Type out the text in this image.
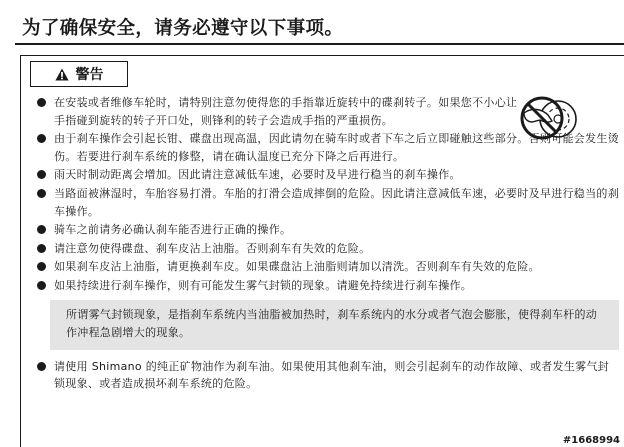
为了确保安全，请务必遵守以下事项。
警告
在安装或者维修车轮时，请特别注意勿使得您的手指靠近旋转中的碟刹转子。如果您不小心让手指碰到旋转的转子开口处，则锋利的转子会造成手指的严重损伤。
由于刹车操作会引起长钳、碟盘出现高温，因此请勿在骑车时或者下车之后立即碰触这些部分。否则可能会发生烫伤。若要进行刹车系统的修整，请在确认温度已充分下降之后再进行。
雨天时制动距离会增加。因此请注意减低车速，必要时及早进行稳当的刹车操作。
当路面被淋湿时，车胎容易打滑。车胎的打滑会造成摔倒的危险。因此请注意减低车速，必要时及早进行稳当的刹车操作。
骑车之前请务必确认刹车能否进行正确的操作。
请注意勿使得碟盘、刹车皮沾上油脂。否则刹车有失效的危险。
如果刹车皮沾上油脂，请更换刹车皮。如果碟盘沾上油脂则请加以清洗。否则刹车有失效的危险。
如果持续进行刹车操作，则有可能发生雾气封锁的现象。请避免持续进行刹车操作。
所谓雾气封锁现象，是指刹车系统内当油脂被加热时，刹车系统内的水分或者气泡会膨胀，使得刹车杆的动作冲程急剧增大的现象。
请使用 Shimano 的纯正矿物油作为刹车油。如果使用其他刹车油，则会引起刹车的动作故障、或者发生雾气封锁现象、或者造成损坏刹车系统的危险。
#1668994
